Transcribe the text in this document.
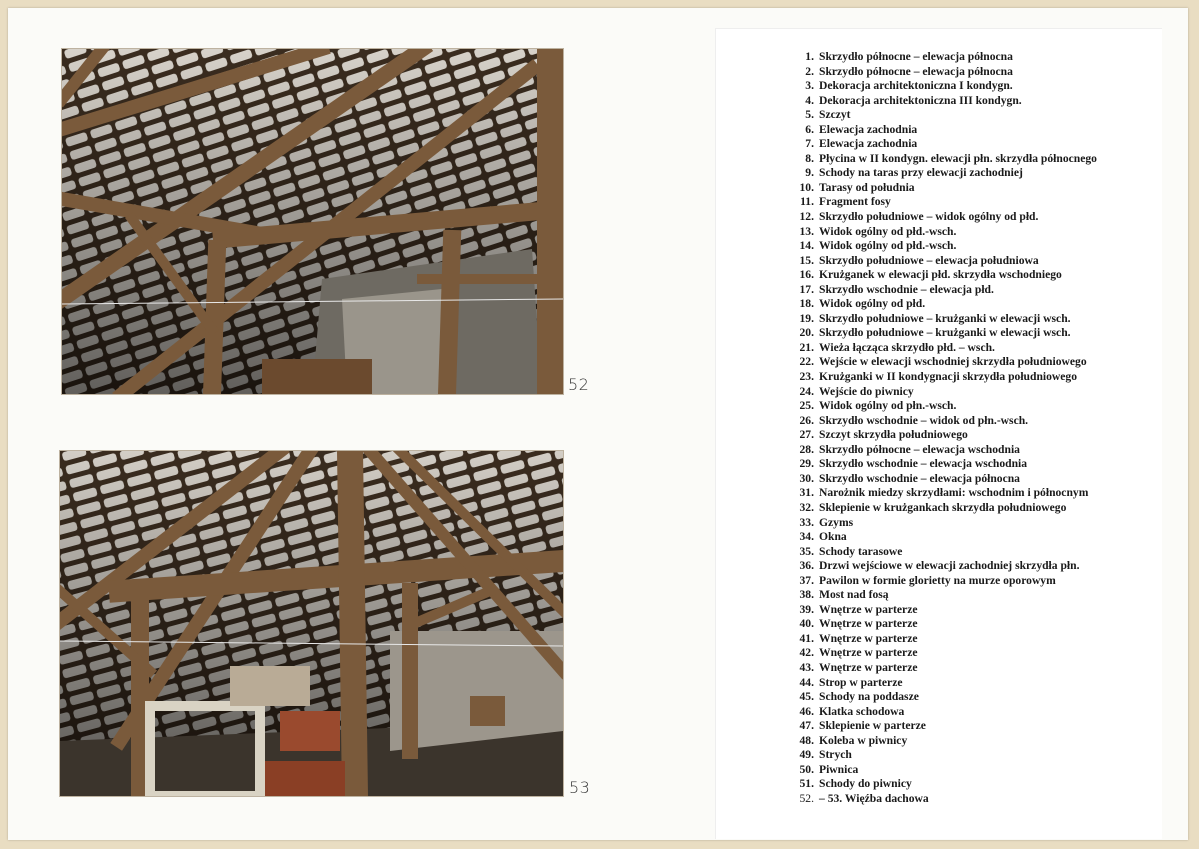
52
53
1. Skrzydło północne – elewacja północna
2. Skrzydło północne – elewacja północna
3. Dekoracja architektoniczna I kondygn.
4. Dekoracja architektoniczna III kondygn.
5. Szczyt
6. Elewacja zachodnia
7. Elewacja zachodnia
8. Płycina w II kondygn. elewacji płn. skrzydła północnego
9. Schody na taras przy elewacji zachodniej
10. Tarasy od południa
11. Fragment fosy
12. Skrzydło południowe – widok ogólny od płd.
13. Widok ogólny od płd.-wsch.
14. Widok ogólny od płd.-wsch.
15. Skrzydło południowe – elewacja południowa
16. Krużganek w elewacji płd. skrzydła wschodniego
17. Skrzydło wschodnie – elewacja płd.
18. Widok ogólny od płd.
19. Skrzydło południowe – krużganki w elewacji wsch.
20. Skrzydło południowe – krużganki w elewacji wsch.
21. Wieża łącząca skrzydło płd. – wsch.
22. Wejście w elewacji wschodniej skrzydła południowego
23. Krużganki w II kondygnacji skrzydła południowego
24. Wejście do piwnicy
25. Widok ogólny od płn.-wsch.
26. Skrzydło wschodnie – widok od płn.-wsch.
27. Szczyt skrzydła południowego
28. Skrzydło północne – elewacja wschodnia
29. Skrzydło wschodnie – elewacja wschodnia
30. Skrzydło wschodnie – elewacja północna
31. Narożnik miedzy skrzydłami: wschodnim i północnym
32. Sklepienie w krużgankach skrzydła południowego
33. Gzyms
34. Okna
35. Schody tarasowe
36. Drzwi wejściowe w elewacji zachodniej skrzydła płn.
37. Pawilon w formie glorietty na murze oporowym
38. Most nad fosą
39. Wnętrze w parterze
40. Wnętrze w parterze
41. Wnętrze w parterze
42. Wnętrze w parterze
43. Wnętrze w parterze
44. Strop w parterze
45. Schody na poddasze
46. Klatka schodowa
47. Sklepienie w parterze
48. Koleba w piwnicy
49. Strych
50. Piwnica
51. Schody do piwnicy
52. – 53. Więźba dachowa
